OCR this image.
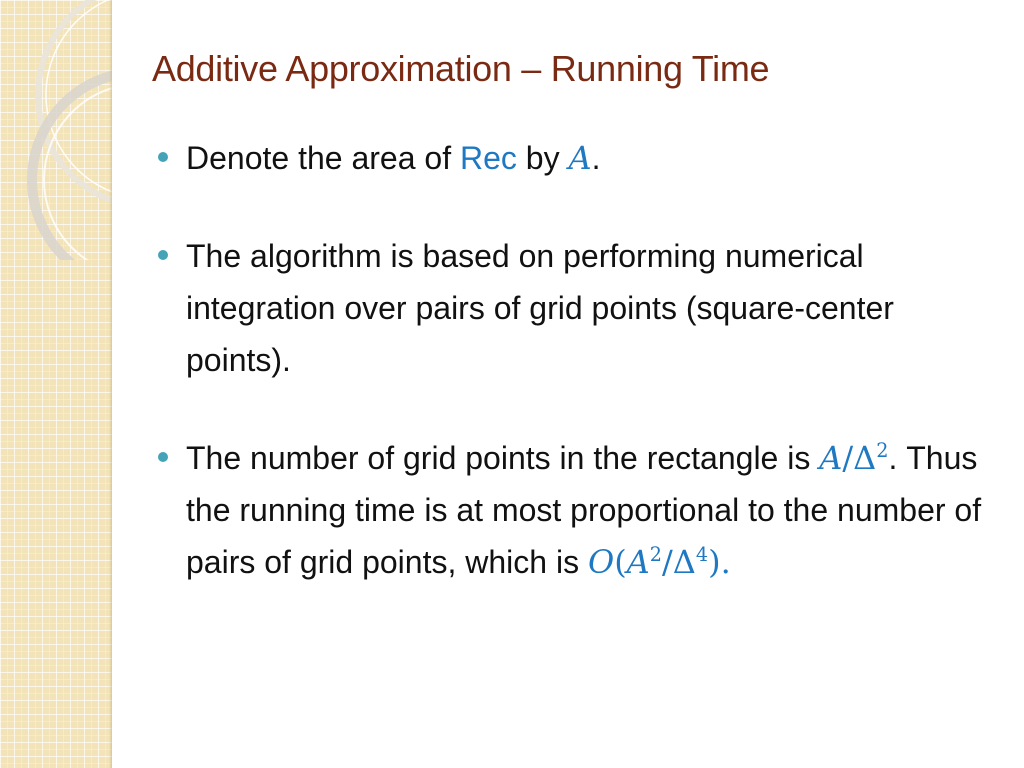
Additive Approximation – Running Time
Denote the area of Rec by A.
The algorithm is based on performing numerical integration over pairs of grid points (square-center points).
The number of grid points in the rectangle is $A/\Delta^2$. Thus the running time is at most proportional to the number of pairs of grid points, which is $O(A^2/\Delta^4)$.
